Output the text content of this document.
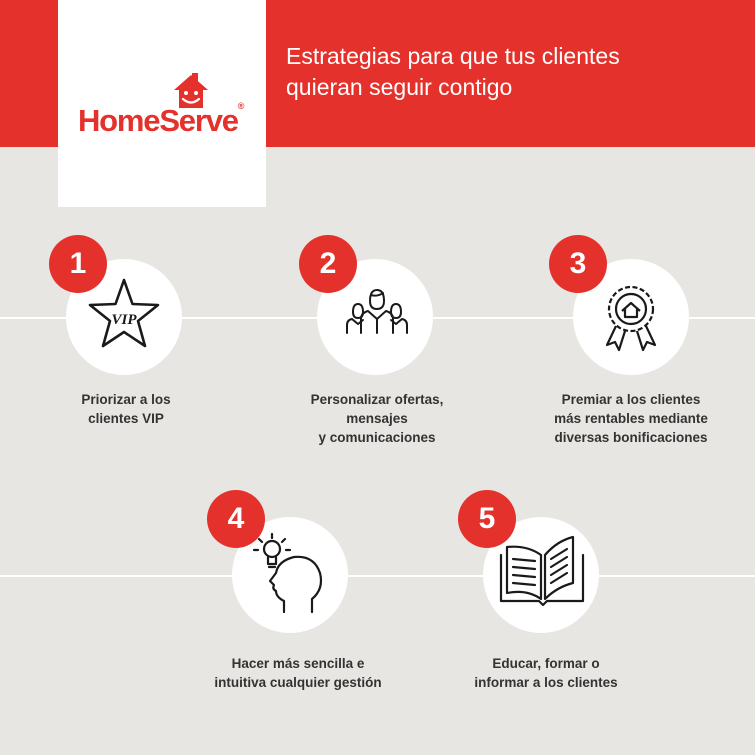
HomeServe®
Estrategias para que tus clientes
quieran seguir contigo
VIP
1
Priorizar a los
clientes VIP
2
Personalizar ofertas,
mensajes
y comunicaciones
3
Premiar a los clientes
más rentables mediante
diversas bonificaciones
4
Hacer más sencilla e
intuitiva cualquier gestión
5
Educar, formar o
informar a los clientes
